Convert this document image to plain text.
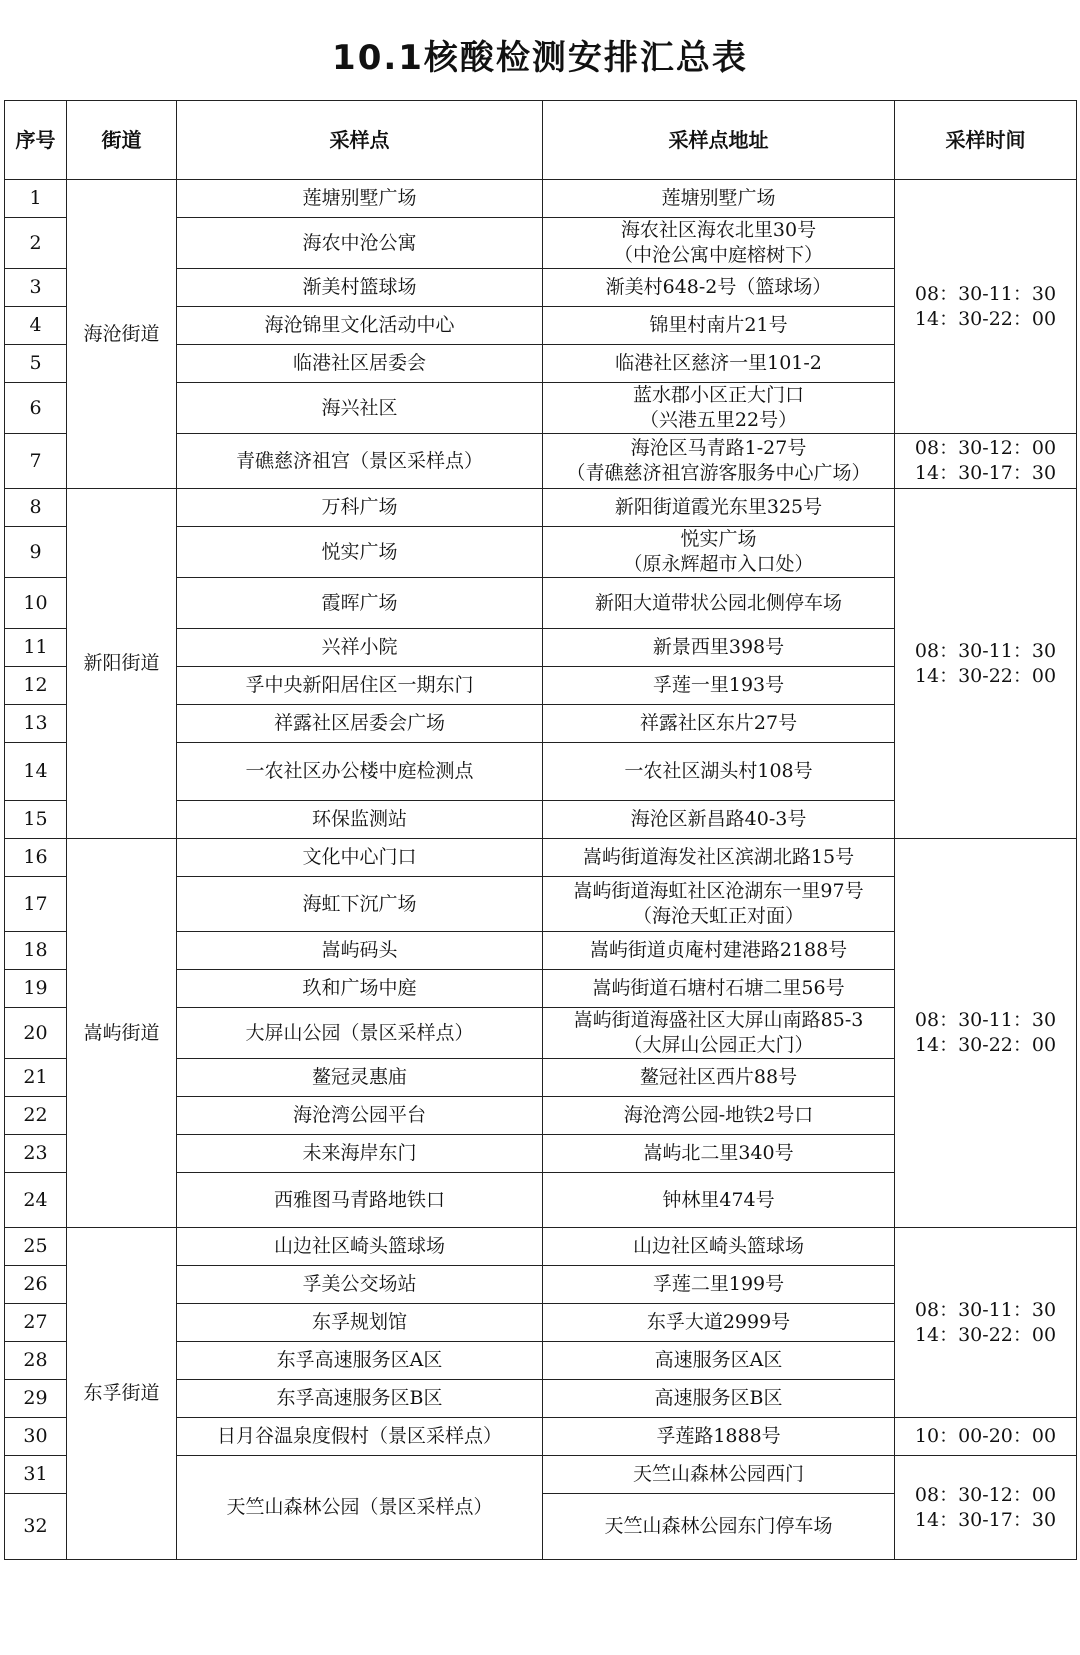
10.1核酸检测安排汇总表
序号	街道	采样点	采样点地址	采样时间
1	海沧街道	莲塘别墅广场	莲塘别墅广场	08：30-11：30
14：30-22：00

2		海农中沧公寓	海农社区海农北里30号
（中沧公寓中庭榕树下）	

3		渐美村篮球场	渐美村648-2号（篮球场）	

4		海沧锦里文化活动中心	锦里村南片21号	

5		临港社区居委会	临港社区慈济一里101-2	

6		海兴社区	蓝水郡小区正大门口
（兴港五里22号）	

7		青礁慈济祖宫（景区采样点）	海沧区马青路1-27号
（青礁慈济祖宫游客服务中心广场）	08：30-12：00
14：30-17：30

8	新阳街道	万科广场	新阳街道霞光东里325号	08：30-11：30
14：30-22：00

9		悦实广场	悦实广场
（原永辉超市入口处）	

10		霞晖广场	新阳大道带状公园北侧停车场	

11		兴祥小院	新景西里398号	

12		孚中央新阳居住区一期东门	孚莲一里193号	

13		祥露社区居委会广场	祥露社区东片27号	

14		一农社区办公楼中庭检测点	一农社区湖头村108号	

15		环保监测站	海沧区新昌路40-3号	

16	嵩屿街道	文化中心门口	嵩屿街道海发社区滨湖北路15号	08：30-11：30
14：30-22：00

17		海虹下沉广场	嵩屿街道海虹社区沧湖东一里97号
（海沧天虹正对面）	

18		嵩屿码头	嵩屿街道贞庵村建港路2188号	

19		玖和广场中庭	嵩屿街道石塘村石塘二里56号	

20		大屏山公园（景区采样点）	嵩屿街道海盛社区大屏山南路85-3
（大屏山公园正大门）	

21		鳌冠灵惠庙	鳌冠社区西片88号	

22		海沧湾公园平台	海沧湾公园-地铁2号口	

23		未来海岸东门	嵩屿北二里340号	

24		西雅图马青路地铁口	钟林里474号	

25	东孚街道	山边社区崎头篮球场	山边社区崎头篮球场	08：30-11：30
14：30-22：00

26		孚美公交场站	孚莲二里199号	

27		东孚规划馆	东孚大道2999号	

28		东孚高速服务区A区	高速服务区A区	

29		东孚高速服务区B区	高速服务区B区	

30		日月谷温泉度假村（景区采样点）	孚莲路1888号	10：00-20：00

31		天竺山森林公园（景区采样点）	天竺山森林公园西门	08：30-12：00
14：30-17：30

32			天竺山森林公园东门停车场	
